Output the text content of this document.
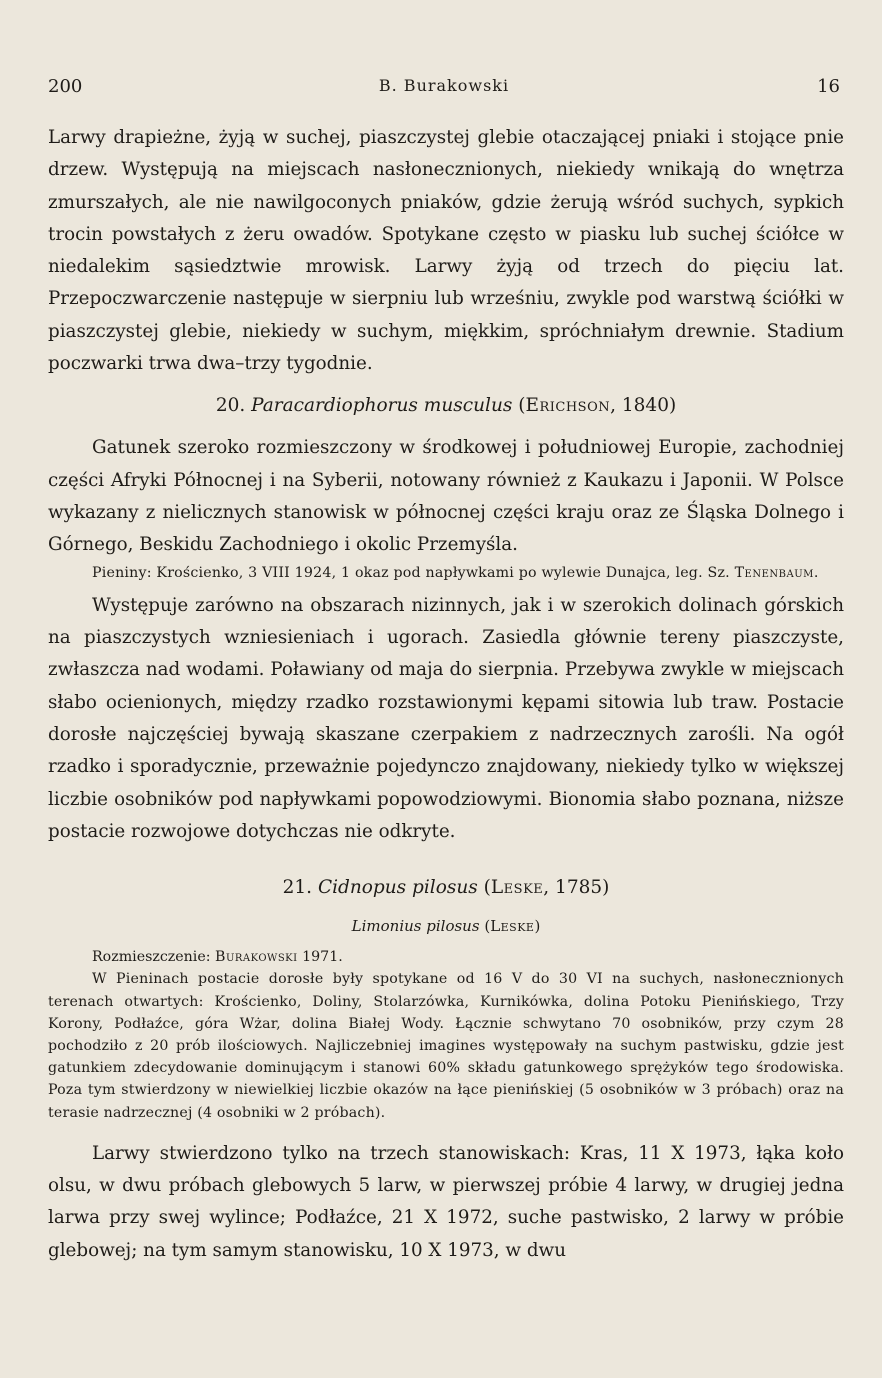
200	B. Burakowski	16

Larwy drapieżne, żyją w suchej, piaszczystej glebie otaczającej pniaki i stojące pnie drzew. Występują na miejscach nasłonecznionych, niekiedy wnikają do wnętrza zmurszałych, ale nie nawilgoconych pniaków, gdzie żerują wśród suchych, sypkich trocin powstałych z żeru owadów. Spotykane często w piasku lub suchej ściółce w niedalekim sąsiedztwie mrowisk. Larwy żyją od trzech do pięciu lat. Przepoczwarczenie następuje w sierpniu lub wrześniu, zwykle pod warstwą ściółki w piaszczystej glebie, niekiedy w suchym, miękkim, spróchniałym drewnie. Stadium poczwarki trwa dwa–trzy tygodnie.

20. Paracardiophorus musculus (Erichson, 1840)

Gatunek szeroko rozmieszczony w środkowej i południowej Europie, zachodniej części Afryki Północnej i na Syberii, notowany również z Kaukazu i Japonii. W Polsce wykazany z nielicznych stanowisk w północnej części kraju oraz ze Śląska Dolnego i Górnego, Beskidu Zachodniego i okolic Przemyśla.

Pieniny: Krościenko, 3 VIII 1924, 1 okaz pod napływkami po wylewie Dunajca, leg. Sz. Tenenbaum.

Występuje zarówno na obszarach nizinnych, jak i w szerokich dolinach górskich na piaszczystych wzniesieniach i ugorach. Zasiedla głównie tereny piaszczyste, zwłaszcza nad wodami. Poławiany od maja do sierpnia. Przebywa zwykle w miejscach słabo ocienionych, między rzadko rozstawionymi kępami sitowia lub traw. Postacie dorosłe najczęściej bywają skaszane czerpakiem z nadrzecznych zarośli. Na ogół rzadko i sporadycznie, przeważnie pojedynczo znajdowany, niekiedy tylko w większej liczbie osobników pod napływkami popowodziowymi. Bionomia słabo poznana, niższe postacie rozwojowe dotychczas nie odkryte.

21. Cidnopus pilosus (Leske, 1785)
Limonius pilosus (Leske)

Rozmieszczenie: Burakowski 1971.

W Pieninach postacie dorosłe były spotykane od 16 V do 30 VI na suchych, nasłonecznionych terenach otwartych: Krościenko, Doliny, Stolarzówka, Kurnikówka, dolina Potoku Pienińskiego, Trzy Korony, Podłaźce, góra Wżar, dolina Białej Wody. Łącznie schwytano 70 osobników, przy czym 28 pochodziło z 20 prób ilościowych. Najliczebniej imagines występowały na suchym pastwisku, gdzie jest gatunkiem zdecydowanie dominującym i stanowi 60% składu gatunkowego sprężyków tego środowiska. Poza tym stwierdzony w niewielkiej liczbie okazów na łące pienińskiej (5 osobników w 3 próbach) oraz na terasie nadrzecznej (4 osobniki w 2 próbach).

Larwy stwierdzono tylko na trzech stanowiskach: Kras, 11 X 1973, łąka koło olsu, w dwu próbach glebowych 5 larw, w pierwszej próbie 4 larwy, w drugiej jedna larwa przy swej wylince; Podłaźce, 21 X 1972, suche pastwisko, 2 larwy w próbie glebowej; na tym samym stanowisku, 10 X 1973, w dwu
